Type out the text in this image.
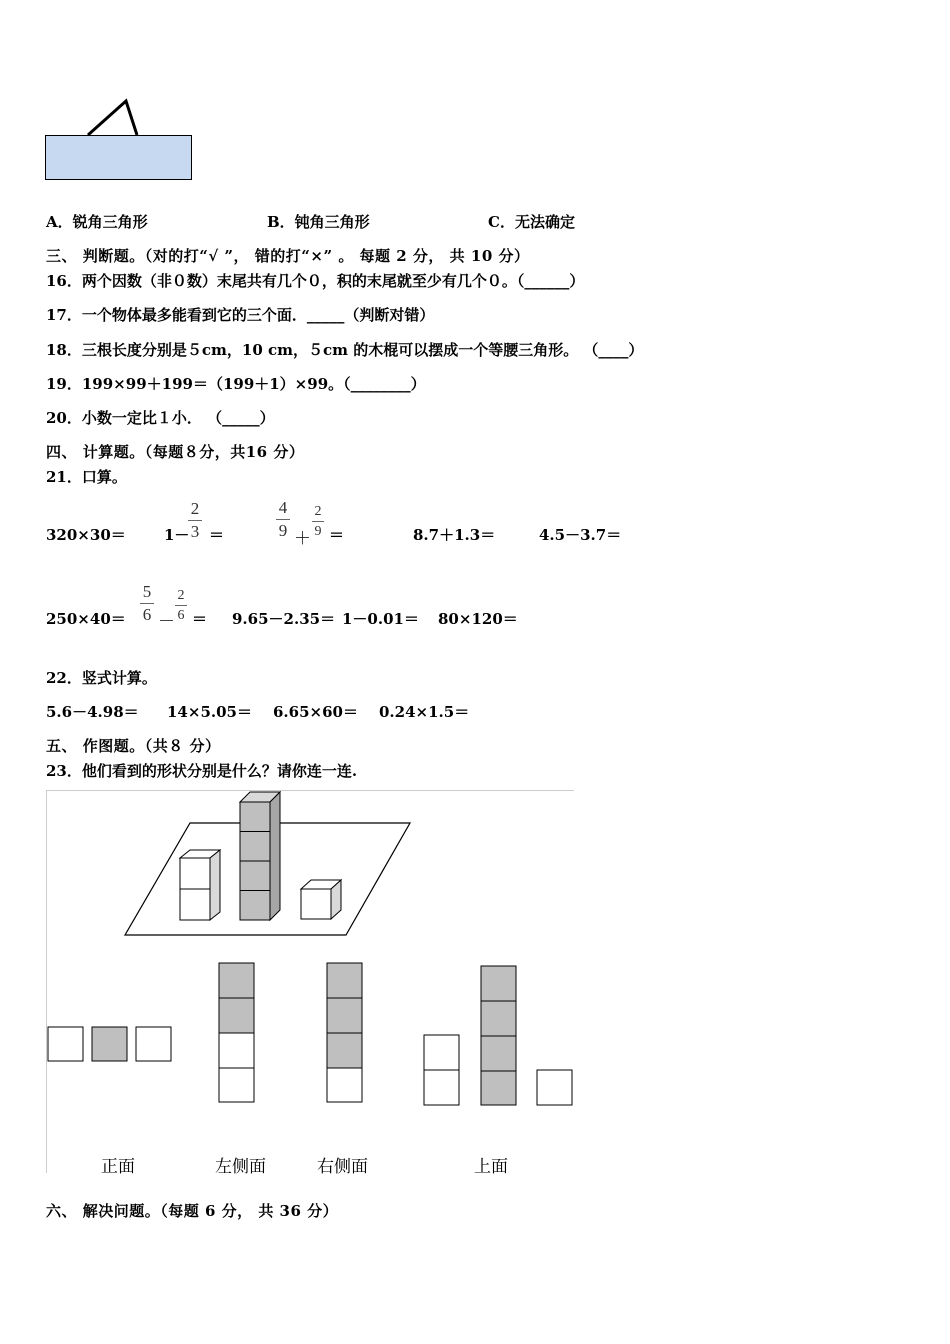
A．锐角三角形	B．钝角三角形	C．无法确定
三、 判断题。（对的打“√ ”， 错的打“×” 。 每题 2 分， 共 10 分）
16．两个因数（非０数）末尾共有几个０，积的末尾就至少有几个０。（______）
17．一个物体最多能看到它的三个面．_____（判断对错）
18．三根长度分别是５cm，10 cm，５cm 的木棍可以摆成一个等腰三角形。 （____）
19．199×99＋199＝（199＋1）×99。（________）
20．小数一定比１小． （_____）
四、 计算题。（每题８分，共16 分）
21．口算。
320×30＝	1－
2
3 ＝
4
9 ＋
2
9 ＝	8.7＋1.3＝	4.5－3.7＝
250×40＝
5
6 －
2
6 ＝ 9.65－2.35＝ 1－0.01＝ 80×120＝
22．竖式计算。
5.6－4.98＝ 14×5.05＝ 6.65×60＝ 0.24×1.5＝
五、 作图题。（共８ 分）
23．他们看到的形状分别是什么？请你连一连.
正面	左侧面	右侧面	上面
六、 解决问题。（每题 6 分， 共 36 分）
